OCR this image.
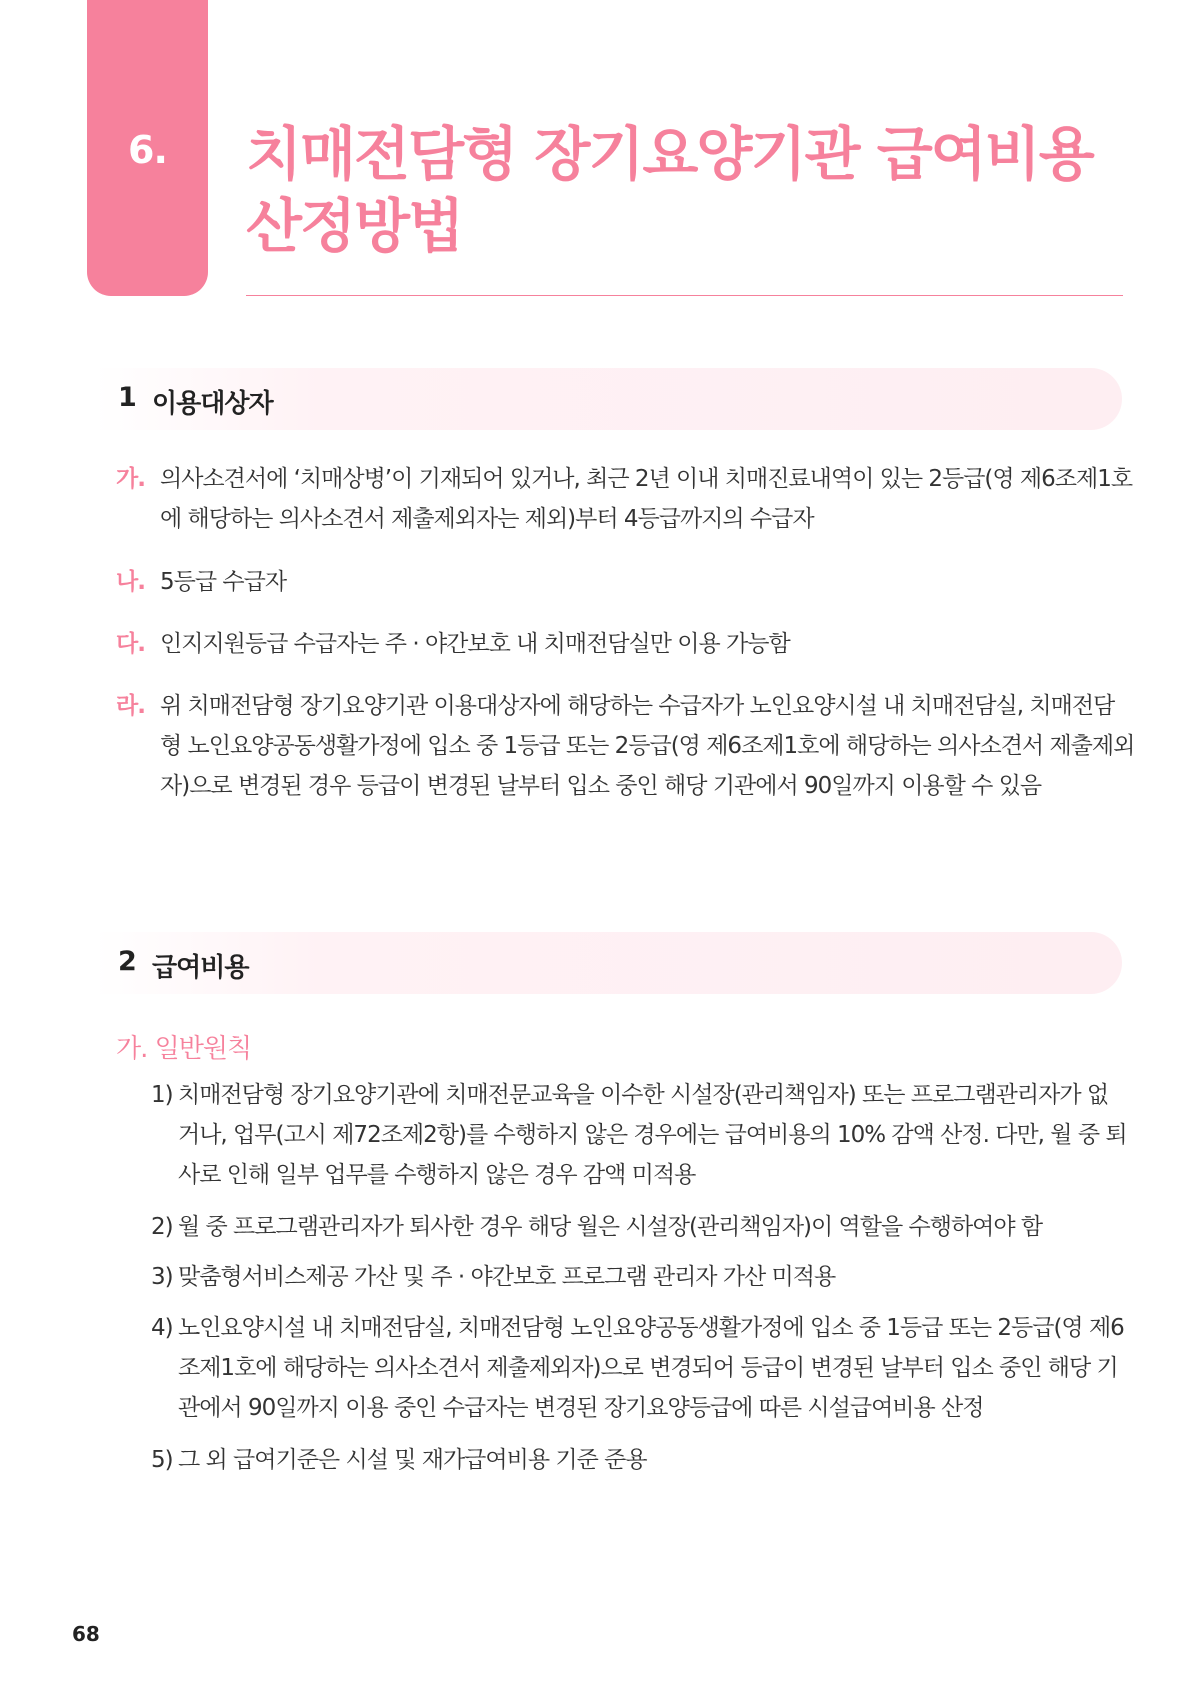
6.	치매전담형 장기요양기관 급여비용
산정방법
1 이용대상자
가. 의사소견서에 ‘치매상병’이 기재되어 있거나, 최근 2년 이내 치매진료내역이 있는 2등급(영 제6조제1호
에 해당하는 의사소견서 제출제외자는 제외)부터 4등급까지의 수급자
나. 5등급 수급자
다. 인지지원등급 수급자는 주 · 야간보호 내 치매전담실만 이용 가능함
라. 위 치매전담형 장기요양기관 이용대상자에 해당하는 수급자가 노인요양시설 내 치매전담실, 치매전담
형 노인요양공동생활가정에 입소 중 1등급 또는 2등급(영 제6조제1호에 해당하는 의사소견서 제출제외
자)으로 변경된 경우 등급이 변경된 날부터 입소 중인 해당 기관에서 90일까지 이용할 수 있음
2 급여비용
가. 일반원칙
1) 치매전담형 장기요양기관에 치매전문교육을 이수한 시설장(관리책임자) 또는 프로그램관리자가 없
거나, 업무(고시 제72조제2항)를 수행하지 않은 경우에는 급여비용의 10% 감액 산정. 다만, 월 중 퇴
사로 인해 일부 업무를 수행하지 않은 경우 감액 미적용
2) 월 중 프로그램관리자가 퇴사한 경우 해당 월은 시설장(관리책임자)이 역할을 수행하여야 함
3) 맞춤형서비스제공 가산 및 주 · 야간보호 프로그램 관리자 가산 미적용
4) 노인요양시설 내 치매전담실, 치매전담형 노인요양공동생활가정에 입소 중 1등급 또는 2등급(영 제6
조제1호에 해당하는 의사소견서 제출제외자)으로 변경되어 등급이 변경된 날부터 입소 중인 해당 기
관에서 90일까지 이용 중인 수급자는 변경된 장기요양등급에 따른 시설급여비용 산정
5) 그 외 급여기준은 시설 및 재가급여비용 기준 준용
68
